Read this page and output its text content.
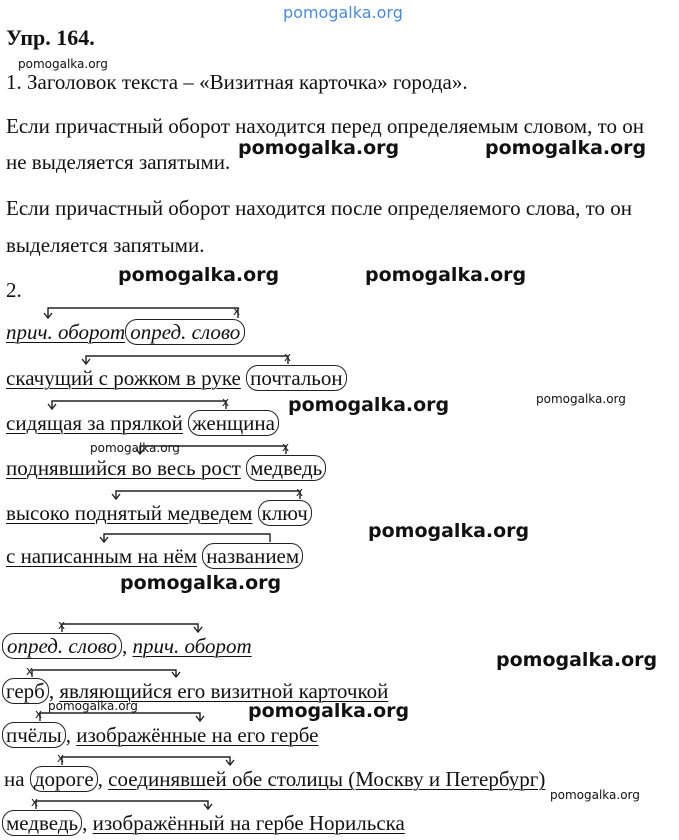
pomogalka.org
Упр. 164.
pomogalka.org
1. Заголовок текста – «Визитная карточка» города».
Если причастный оборот находится перед определяемым словом, то он
не выделяется запятыми.
pomogalka.org	pomogalka.org
Если причастный оборот находится после определяемого слова, то он
выделяется запятыми.
2.
pomogalka.org	pomogalka.org
прич. оборот опред. слово
скачущий с рожком в руке почтальон
сидящая за прялкой женщина
pomogalka.org	pomogalka.org
pomogalka.org
поднявшийся во весь рост медведь
высоко поднятый медведем ключ
pomogalka.org
с написанным на нём названием
pomogalka.org
опред. слово , прич. оборот
pomogalka.org
герб , являющийся его визитной карточкой
pomogalka.org	pomogalka.org
пчёлы , изображённые на его гербе
на дороге , соединявшей обе столицы (Москву и Петербург)
pomogalka.org
медведь , изображённый на гербе Норильска
x
x
x
x
x
x
x
x
x
x
